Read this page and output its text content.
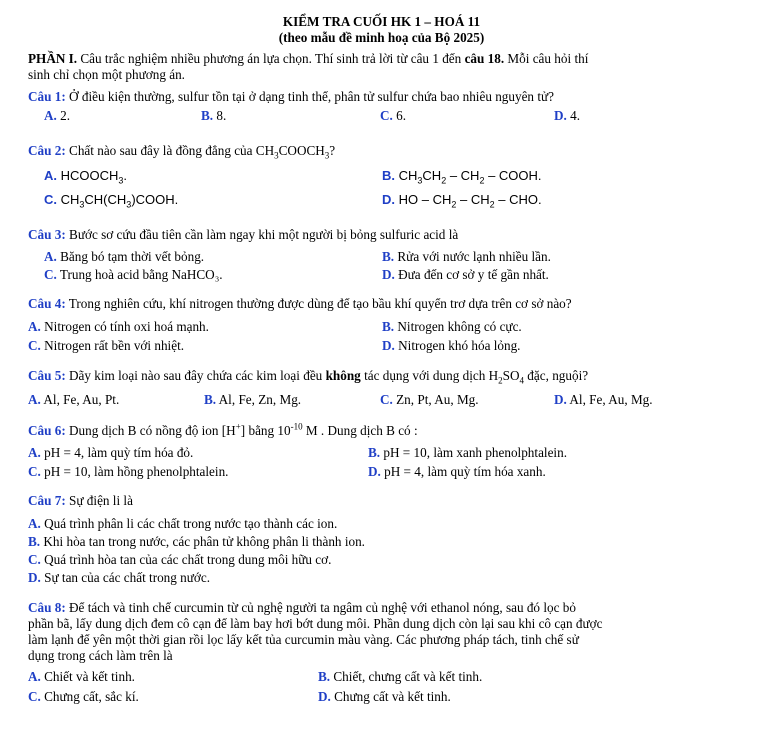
KIỂM TRA CUỐI HK 1 – HOÁ 11
(theo mẫu đề minh hoạ của Bộ 2025)
PHẦN I. Câu trắc nghiệm nhiều phương án lựa chọn. Thí sinh trả lời từ câu 1 đến câu 18. Mỗi câu hỏi thí
sinh chỉ chọn một phương án.
Câu 1: Ở điều kiện thường, sulfur tồn tại ở dạng tinh thể, phân tử sulfur chứa bao nhiêu nguyên tử?
A. 2.	B. 8.	C. 6.	D. 4.
Câu 2: Chất nào sau đây là đồng đẳng của $CH_3COOCH_3$?
A. $HCOOCH_3$.	B. $CH_3CH_2 - CH_2$ – COOH.
C. $CH_3CH(CH_3)COOH$.	D. HO – $CH_2 - CH_2$ – CHO.
Câu 3: Bước sơ cứu đầu tiên cần làm ngay khi một người bị bỏng sulfuric acid là
A. Băng bó tạm thời vết bỏng.	B. Rửa với nước lạnh nhiều lần.
C. Trung hoà acid bằng NaHCO₃.	D. Đưa đến cơ sở y tế gần nhất.
Câu 4: Trong nghiên cứu, khí nitrogen thường được dùng để tạo bầu khí quyển trơ dựa trên cơ sở nào?
A. Nitrogen có tính oxi hoá mạnh.	B. Nitrogen không có cực.
C. Nitrogen rất bền với nhiệt.	D. Nitrogen khó hóa lỏng.
Câu 5: Dãy kim loại nào sau đây chứa các kim loại đều không tác dụng với dung dịch $H_2SO_4$ đặc, nguội?
A. Al, Fe, Au, Pt.	B. Al, Fe, Zn, Mg.	C. Zn, Pt, Au, Mg.	D. Al, Fe, Au, Mg.
Câu 6: Dung dịch B có nồng độ ion [H+] bằng $10^{-10}$ M . Dung dịch B có :
A. pH = 4, làm quỳ tím hóa đỏ.	B. pH = 10, làm xanh phenolphtalein.
C. pH = 10, làm hồng phenolphtalein.	D. pH = 4, làm quỳ tím hóa xanh.
Câu 7: Sự điện li là
A. Quá trình phân li các chất trong nước tạo thành các ion.
B. Khi hòa tan trong nước, các phân tử không phân li thành ion.
C. Quá trình hòa tan của các chất trong dung môi hữu cơ.
D. Sự tan của các chất trong nước.
Câu 8: Để tách và tinh chế curcumin từ củ nghệ người ta ngâm củ nghệ với ethanol nóng, sau đó lọc bỏ
phần bã, lấy dung dịch đem cô cạn để làm bay hơi bớt dung môi. Phần dung dịch còn lại sau khi cô cạn được
làm lạnh để yên một thời gian rồi lọc lấy kết tủa curcumin màu vàng. Các phương pháp tách, tinh chế sử
dụng trong cách làm trên là
A. Chiết và kết tinh.	B. Chiết, chưng cất và kết tinh.
C. Chưng cất, sắc kí.	D. Chưng cất và kết tinh.
